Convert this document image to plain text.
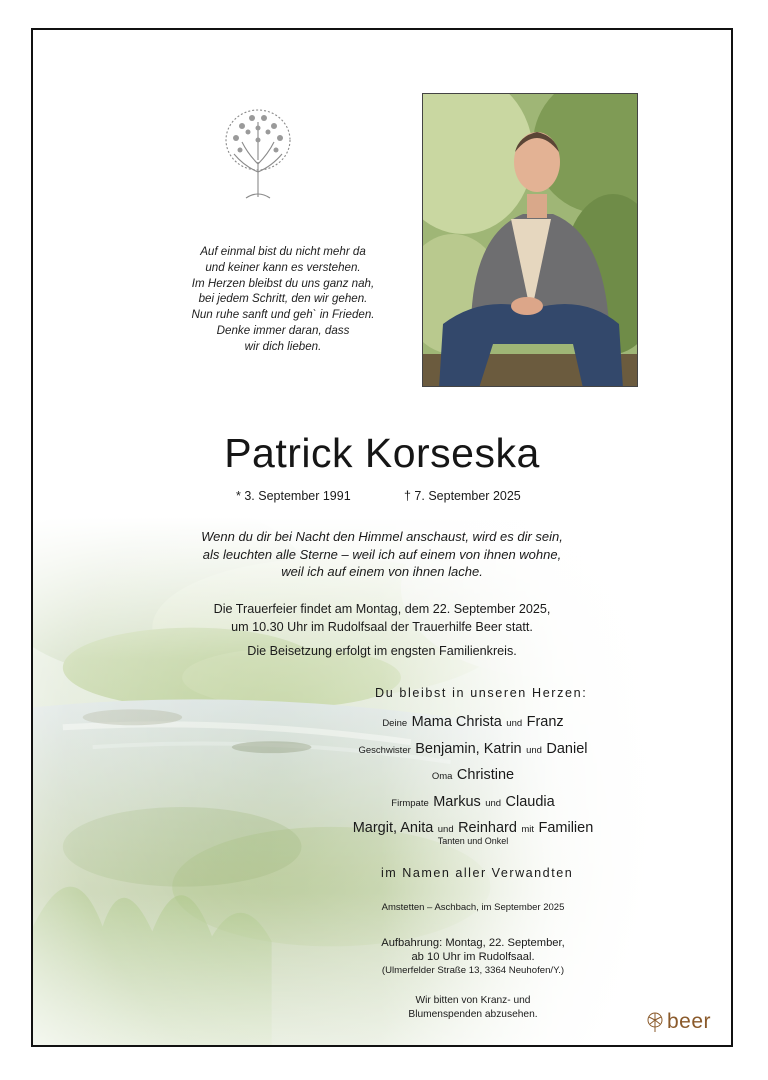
Auf einmal bist du nicht mehr da
und keiner kann es verstehen.
Im Herzen bleibst du uns ganz nah,
bei jedem Schritt, den wir gehen.
Nun ruhe sanft und geh` in Frieden.
Denke immer daran, dass
wir dich lieben.
Patrick Korseska
* 3. September 1991	† 7. September 2025
Wenn du dir bei Nacht den Himmel anschaust, wird es dir sein,
als leuchten alle Sterne – weil ich auf einem von ihnen wohne,
weil ich auf einem von ihnen lache.
Die Trauerfeier findet am Montag, dem 22. September 2025,
um 10.30 Uhr im Rudolfsaal der Trauerhilfe Beer statt.
Die Beisetzung erfolgt im engsten Familienkreis.
Du bleibst in unseren Herzen:
Deine Mama Christa und Franz
Geschwister Benjamin, Katrin und Daniel
Oma Christine
Firmpate Markus und Claudia
Margit, Anita und Reinhard mit Familien
Tanten und Onkel
im Namen aller Verwandten
Amstetten – Aschbach, im September 2025
Aufbahrung: Montag, 22. September,
ab 10 Uhr im Rudolfsaal.
(Ulmerfelder Straße 13, 3364 Neuhofen/Y.)
Wir bitten von Kranz- und
Blumenspenden abzusehen.	beer
